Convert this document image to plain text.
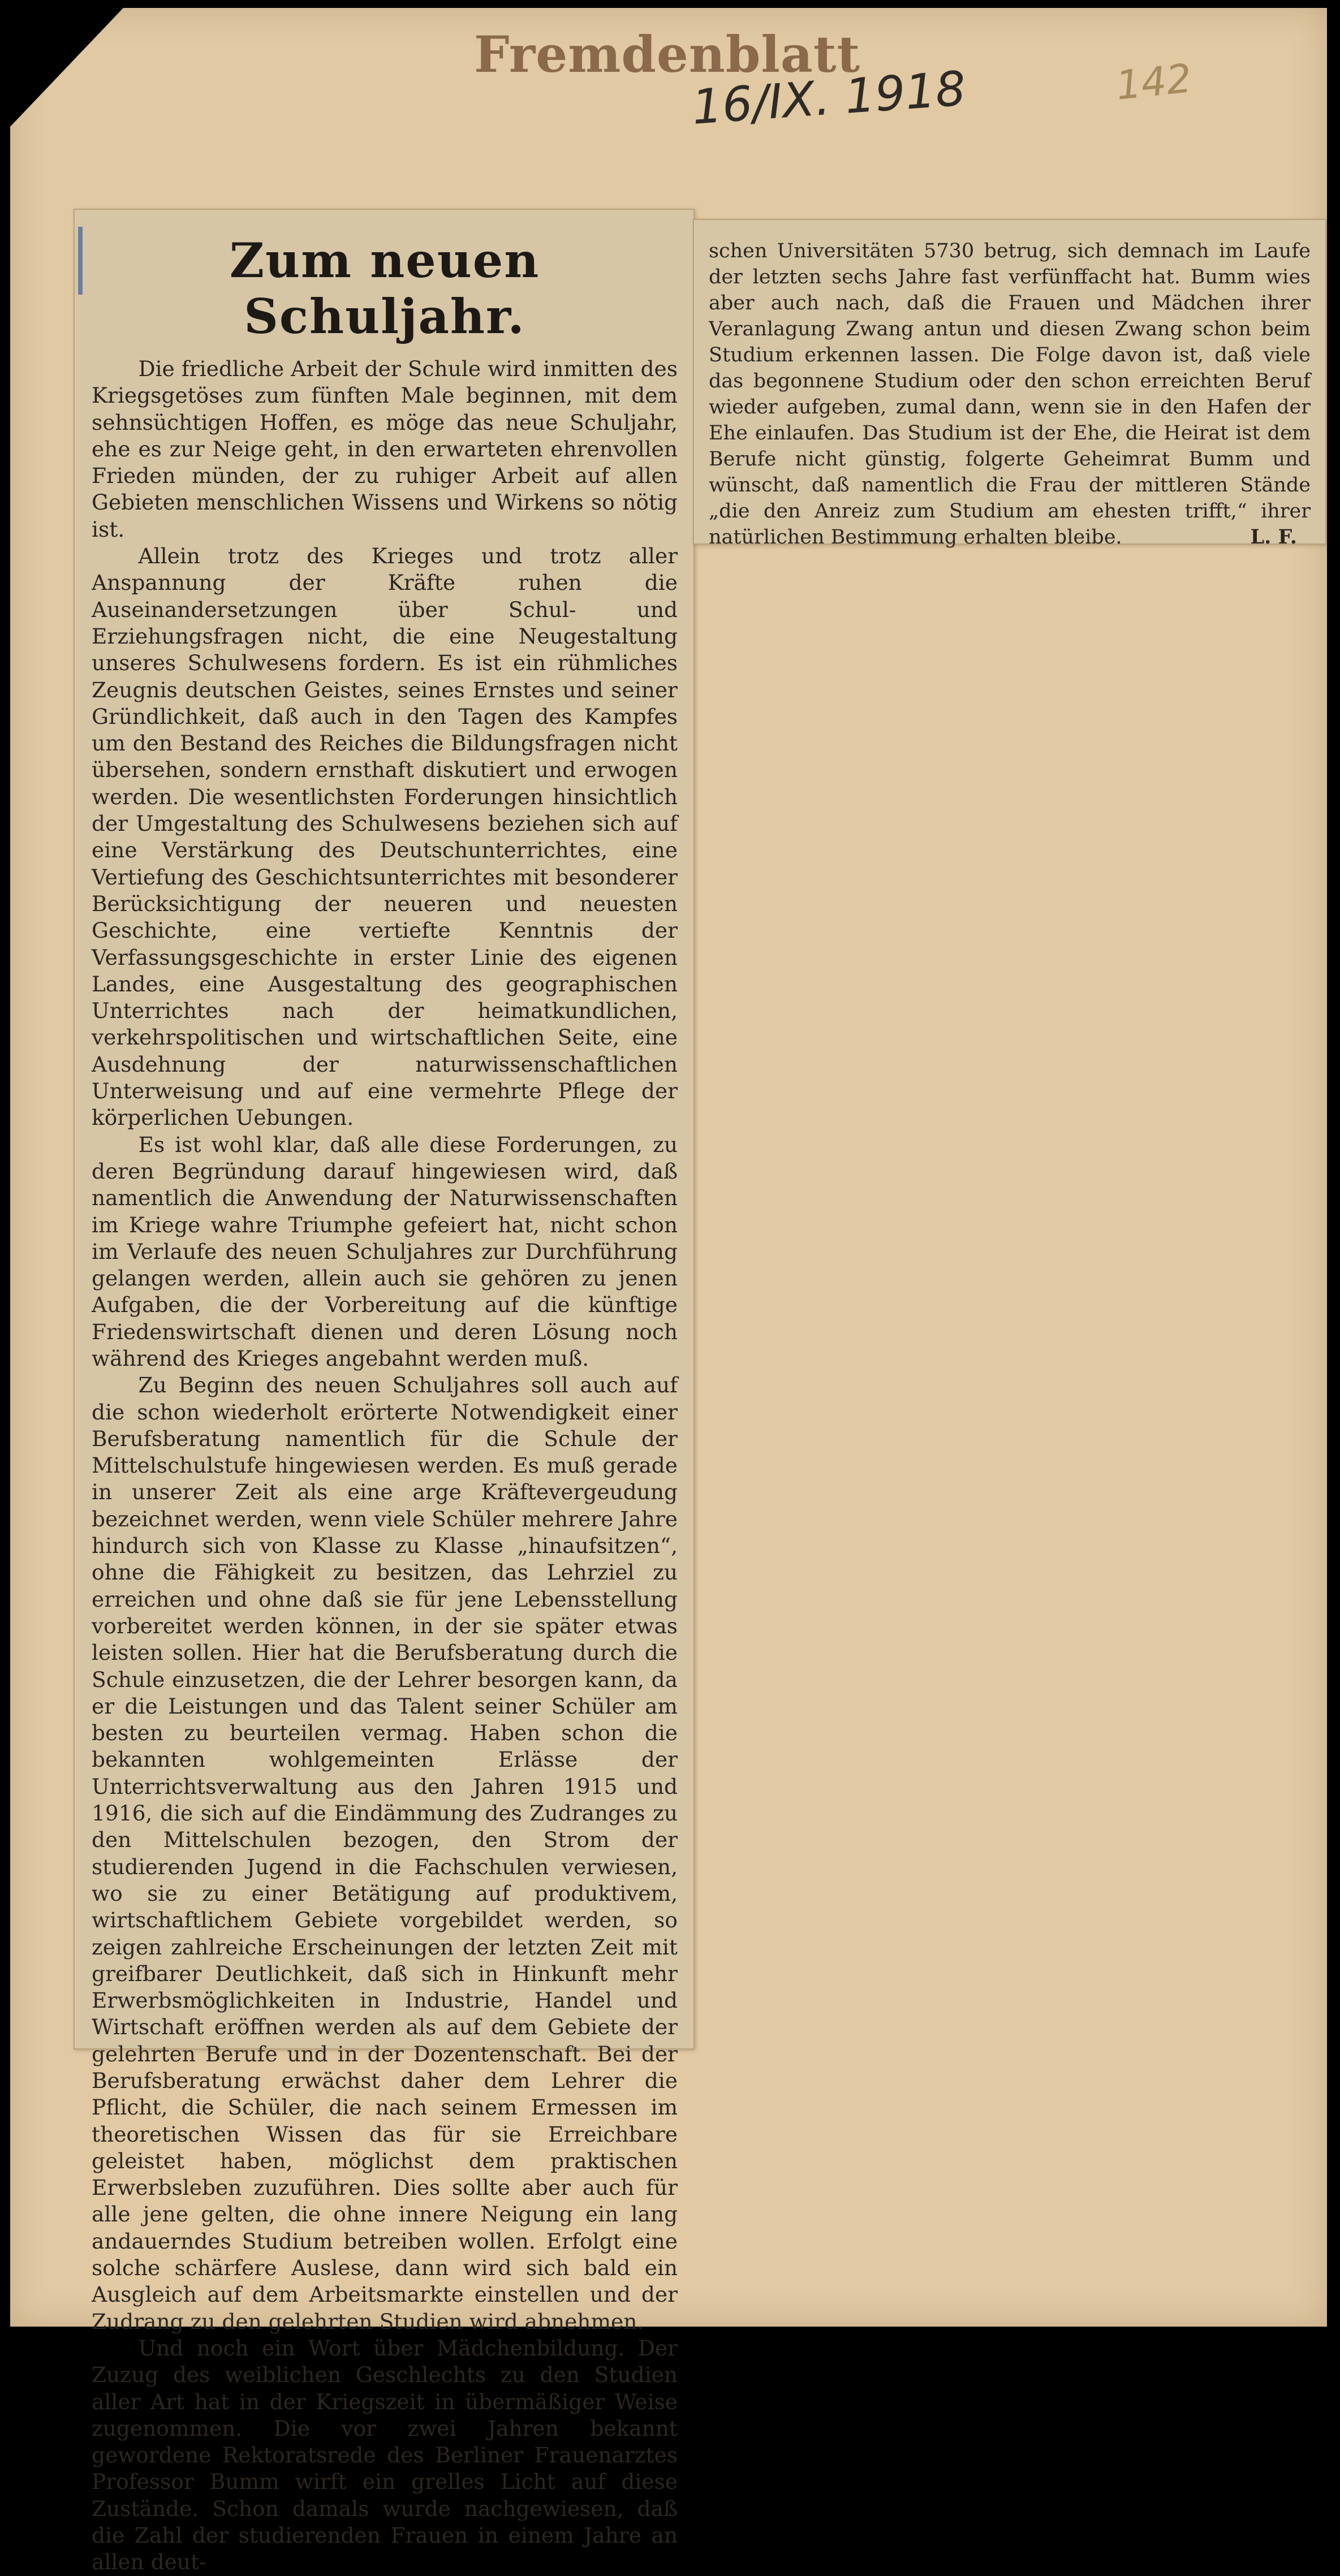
Fremdenblatt
16/IX. 1918	142
Zum neuen Schuljahr.

Die friedliche Arbeit der Schule wird inmitten des Kriegsgetöses zum fünften Male beginnen, mit dem sehnsüchtigen Hoffen, es möge das neue Schuljahr, ehe es zur Neige geht, in den erwarteten ehrenvollen Frieden münden, der zu ruhiger Arbeit auf allen Gebieten menschlichen Wissens und Wirkens so nötig ist.

Allein trotz des Krieges und trotz aller Anspannung der Kräfte ruhen die Auseinandersetzungen über Schul- und Erziehungsfragen nicht, die eine Neugestaltung unseres Schulwesens fordern. Es ist ein rühmliches Zeugnis deutschen Geistes, seines Ernstes und seiner Gründlichkeit, daß auch in den Tagen des Kampfes um den Bestand des Reiches die Bildungsfragen nicht übersehen, sondern ernsthaft diskutiert und erwogen werden. Die wesentlichsten Forderungen hinsichtlich der Umgestaltung des Schulwesens beziehen sich auf eine Verstärkung des Deutschunterrichtes, eine Vertiefung des Geschichtsunterrichtes mit besonderer Berücksichtigung der neueren und neuesten Geschichte, eine vertiefte Kenntnis der Verfassungsgeschichte in erster Linie des eigenen Landes, eine Ausgestaltung des geographischen Unterrichtes nach der heimatkundlichen, verkehrspolitischen und wirtschaftlichen Seite, eine Ausdehnung der naturwissenschaftlichen Unterweisung und auf eine vermehrte Pflege der körperlichen Uebungen.

Es ist wohl klar, daß alle diese Forderungen, zu deren Begründung darauf hingewiesen wird, daß namentlich die Anwendung der Naturwissenschaften im Kriege wahre Triumphe gefeiert hat, nicht schon im Verlaufe des neuen Schuljahres zur Durchführung gelangen werden, allein auch sie gehören zu jenen Aufgaben, die der Vorbereitung auf die künftige Friedenswirtschaft dienen und deren Lösung noch während des Krieges angebahnt werden muß.

Zu Beginn des neuen Schuljahres soll auch auf die schon wiederholt erörterte Notwendigkeit einer Berufsberatung namentlich für die Schule der Mittelschulstufe hingewiesen werden. Es muß gerade in unserer Zeit als eine arge Kräftevergeudung bezeichnet werden, wenn viele Schüler mehrere Jahre hindurch sich von Klasse zu Klasse „hinaufsitzen“, ohne die Fähigkeit zu besitzen, das Lehrziel zu erreichen und ohne daß sie für jene Lebensstellung vorbereitet werden können, in der sie später etwas leisten sollen. Hier hat die Berufsberatung durch die Schule einzusetzen, die der Lehrer besorgen kann, da er die Leistungen und das Talent seiner Schüler am besten zu beurteilen vermag. Haben schon die bekannten wohlgemeinten Erlässe der Unterrichtsverwaltung aus den Jahren 1915 und 1916, die sich auf die Eindämmung des Zudranges zu den Mittelschulen bezogen, den Strom der studierenden Jugend in die Fachschulen verwiesen, wo sie zu einer Betätigung auf produktivem, wirtschaftlichem Gebiete vorgebildet werden, so zeigen zahlreiche Erscheinungen der letzten Zeit mit greifbarer Deutlichkeit, daß sich in Hinkunft mehr Erwerbsmöglichkeiten in Industrie, Handel und Wirtschaft eröffnen werden als auf dem Gebiete der gelehrten Berufe und in der Dozentenschaft. Bei der Berufsberatung erwächst daher dem Lehrer die Pflicht, die Schüler, die nach seinem Ermessen im theoretischen Wissen das für sie Erreichbare geleistet haben, möglichst dem praktischen Erwerbsleben zuzuführen. Dies sollte aber auch für alle jene gelten, die ohne innere Neigung ein lang andauerndes Studium betreiben wollen. Erfolgt eine solche schärfere Auslese, dann wird sich bald ein Ausgleich auf dem Arbeitsmarkte einstellen und der Zudrang zu den gelehrten Studien wird abnehmen.

Und noch ein Wort über Mädchenbildung. Der Zuzug des weiblichen Geschlechts zu den Studien aller Art hat in der Kriegszeit in übermäßiger Weise zugenommen. Die vor zwei Jahren bekannt gewordene Rektoratsrede des Berliner Frauenarztes Professor Bumm wirft ein grelles Licht auf diese Zustände. Schon damals wurde nachgewiesen, daß die Zahl der studierenden Frauen in einem Jahre an allen deut-

schen Universitäten 5730 betrug, sich demnach im Laufe der letzten sechs Jahre fast verfünffacht hat. Bumm wies aber auch nach, daß die Frauen und Mädchen ihrer Veranlagung Zwang antun und diesen Zwang schon beim Studium erkennen lassen. Die Folge davon ist, daß viele das begonnene Studium oder den schon erreichten Beruf wieder aufgeben, zumal dann, wenn sie in den Hafen der Ehe einlaufen. Das Studium ist der Ehe, die Heirat ist dem Berufe nicht günstig, folgerte Geheimrat Bumm und wünscht, daß namentlich die Frau der mittleren Stände „die den Anreiz zum Studium am ehesten trifft,“ ihrer natürlichen Bestimmung erhalten bleibe.	L. F.
